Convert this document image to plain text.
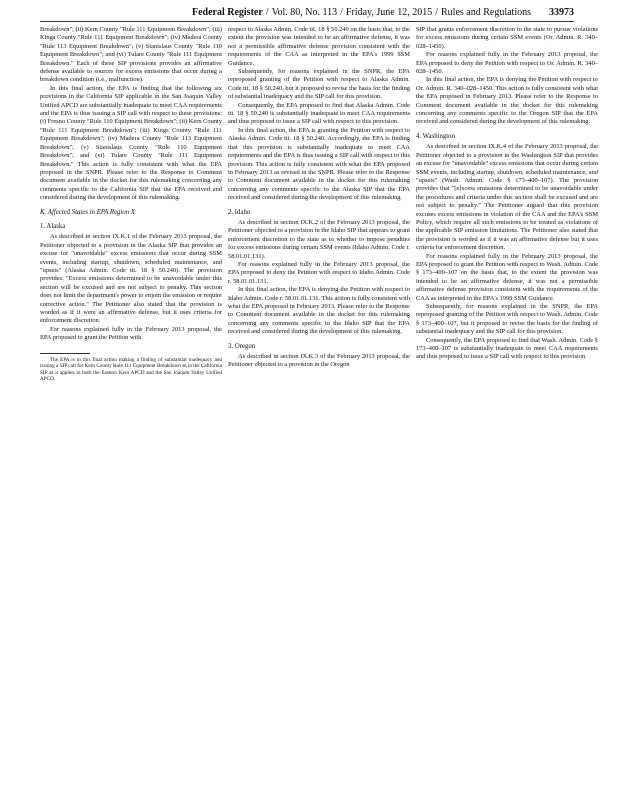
Federal Register / Vol. 80, No. 113 / Friday, June 12, 2015 / Rules and Regulations 33973

Breakdown"; (ii) Kern County "Rule 111 Equipment Breakdown"; (iii) Kings County "Rule 111 Equipment Breakdown"; (iv) Madera County "Rule 113 Equipment Breakdown"; (v) Stanislaus County "Rule 110 Equipment Breakdown"; and (vi) Tulare County "Rule 111 Equipment Breakdown." Each of these SIP provisions provides an affirmative defense available to sources for excess emissions that occur during a breakdown condition (i.e., malfunction).

In this final action, the EPA is finding that the following six provisions in the California SIP applicable in the San Joaquin Valley Unified APCD are substantially inadequate to meet CAA requirements and the EPA is thus issuing a SIP call with respect to these provisions: (i) Fresno County "Rule 110 Equipment Breakdown"; (ii) Kern County "Rule 111 Equipment Breakdown"; (iii) Kings County "Rule 111 Equipment Breakdown"; (iv) Madera County "Rule 113 Equipment Breakdown"; (v) Stanislaus County "Rule 110 Equipment Breakdown"; and (vi) Tulare County "Rule 111 Equipment Breakdown." This action is fully consistent with what the EPA proposed in the SNPR. Please refer to the Response to Comment document available in the docket for this rulemaking concerning any comments specific to the California SIP that the EPA received and considered during the development of this rulemaking.

K. Affected States in EPA Region X
1. Alaska

As described in section IX.K.1 of the February 2013 proposal, the Petitioner objected to a provision in the Alaska SIP that provides an excuse for "unavoidable" excess emissions that occur during SSM events, including startup, shutdown, scheduled maintenance, and "upsets" (Alaska Admin. Code tit. 18 § 50.240). The provision provides: "Excess emissions determined to be unavoidable under this section will be excused and are not subject to penalty. This section does not limit the department's power to enjoin the emission or require corrective action." The Petitioner also stated that the provision is worded as if it were an affirmative defense, but it uses criteria for enforcement discretion.

For reasons explained fully in the February 2013 proposal, the EPA proposed to grant the Petition with

The EPA is in this final action making a finding of substantial inadequacy and issuing a SIP call for Kern County Rule 111 Equipment Breakdown as in the California SIP as it applies in both the Eastern Kern APCD and the San Joaquin Valley Unified APCD.

respect to Alaska Admin. Code tit. 18 § 50.240 on the basis that, to the extent the provision was intended to be an affirmative defense, it was not a permissible affirmative defense provision consistent with the requirements of the CAA as interpreted in the EPA's 1999 SSM Guidance.

Subsequently, for reasons explained in the SNPR, the EPA reproposed granting of the Petition with respect to Alaska Admin. Code tit. 18 § 50.240, but it proposed to revise the basis for the finding of substantial inadequacy and the SIP call for this provision.

Consequently, the EPA proposed to find that Alaska Admin. Code tit. 18 § 50.240 is substantially inadequate to meet CAA requirements and thus proposed to issue a SIP call with respect to this provision.

In this final action, the EPA is granting the Petition with respect to Alaska Admin. Code tit. 18 § 50.240. Accordingly, the EPA is finding that this provision is substantially inadequate to meet CAA requirements and the EPA is thus issuing a SIP call with respect to this provision. This action is fully consistent with what the EPA proposed in February 2013 as revised in the SNPR. Please refer to the Response to Comment document available in the docket for this rulemaking concerning any comments specific to the Alaska SIP that the EPA received and considered during the development of this rulemaking.

2. Idaho

As described in section IX.K.2 of the February 2013 proposal, the Petitioner objected to a provision in the Idaho SIP that appears to grant enforcement discretion to the state as to whether to impose penalties for excess emissions during certain SSM events (Idaho Admin. Code r. 58.01.01.131).

For reasons explained fully in the February 2013 proposal, the EPA proposed to deny the Petition with respect to Idaho Admin. Code r. 58.01.01.131.

In this final action, the EPA is denying the Petition with respect to Idaho Admin. Code r. 58.01.01.131. This action is fully consistent with what the EPA proposed in February 2013. Please refer to the Response to Comment document available in the docket for this rulemaking concerning any comments specific to the Idaho SIP that the EPA received and considered during the development of this rulemaking.

3. Oregon

As described in section IX.K.3 of the February 2013 proposal, the Petitioner objected to a provision in the Oregon

SIP that grants enforcement discretion to the state to pursue violations for excess emissions during certain SSM events (Or. Admin. R. 340–028–1450).

For reasons explained fully in the February 2013 proposal, the EPA proposed to deny the Petition with respect to Or. Admin. R. 340–028–1450.

In this final action, the EPA is denying the Petition with respect to Or. Admin. R. 340–028–1450. This action is fully consistent with what the EPA proposed in February 2013. Please refer to the Response to Comment document available in the docket for this rulemaking concerning any comments specific to the Oregon SIP that the EPA received and considered during the development of this rulemaking.

4. Washington

As described in section IX.K.4 of the February 2013 proposal, the Petitioner objected to a provision in the Washington SIP that provides an excuse for "unavoidable" excess emissions that occur during certain SSM events, including startup, shutdown, scheduled maintenance, and "upsets" (Wash. Admin. Code § 173–400–107). The provision provides that "[e]xcess emissions determined to be unavoidable under the procedures and criteria under this section shall be excused and are not subject to penalty." The Petitioner argued that this provision excuses excess emissions in violation of the CAA and the EPA's SSM Policy, which require all such emissions to be treated as violations of the applicable SIP emission limitations. The Petitioner also stated that the provision is worded as if it was an affirmative defense but it uses criteria for enforcement discretion.

For reasons explained fully in the February 2013 proposal, the EPA proposed to grant the Petition with respect to Wash. Admin. Code § 173–400–107 on the basis that, to the extent the provision was intended to be an affirmative defense, it was not a permissible affirmative defense provision consistent with the requirements of the CAA as interpreted in the EPA's 1999 SSM Guidance.

Subsequently, for reasons explained in the SNPR, the EPA reproposed granting of the Petition with respect to Wash. Admin. Code § 173–400–107, but it proposed to revise the basis for the finding of substantial inadequacy and the SIP call for this provision.

Consequently, the EPA proposed to find that Wash. Admin. Code § 173–400–107 is substantially inadequate to meet CAA requirements and thus proposed to issue a SIP call with respect to this provision.
